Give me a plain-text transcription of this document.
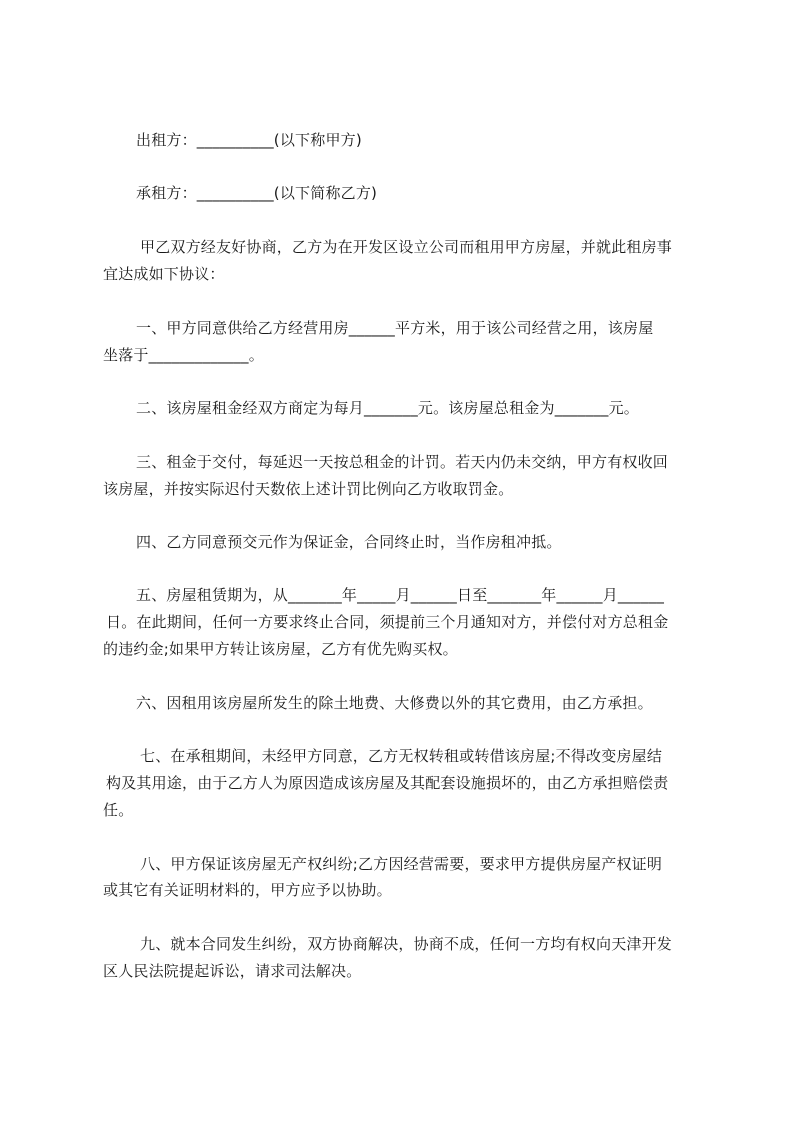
出租方：__________(以下称甲方)
承租方：__________(以下简称乙方)
甲乙双方经友好协商，乙方为在开发区设立公司而租用甲方房屋，并就此租房事
宜达成如下协议：
一、甲方同意供给乙方经营用房______平方米，用于该公司经营之用，该房屋
坐落于_____________。
二、该房屋租金经双方商定为每月_______元。该房屋总租金为_______元。
三、租金于交付，每延迟一天按总租金的计罚。若天内仍未交纳，甲方有权收回
该房屋，并按实际迟付天数依上述计罚比例向乙方收取罚金。
四、乙方同意预交元作为保证金，合同终止时，当作房租冲抵。
五、房屋租赁期为，从_______年_____月______日至_______年______月______
日。在此期间，任何一方要求终止合同，须提前三个月通知对方，并偿付对方总租金
的违约金;如果甲方转让该房屋，乙方有优先购买权。
六、因租用该房屋所发生的除土地费、大修费以外的其它费用，由乙方承担。
七、在承租期间，未经甲方同意，乙方无权转租或转借该房屋;不得改变房屋结
构及其用途，由于乙方人为原因造成该房屋及其配套设施损坏的，由乙方承担赔偿责
任。
八、甲方保证该房屋无产权纠纷;乙方因经营需要，要求甲方提供房屋产权证明
或其它有关证明材料的，甲方应予以协助。
九、就本合同发生纠纷，双方协商解决，协商不成，任何一方均有权向天津开发
区人民法院提起诉讼，请求司法解决。
